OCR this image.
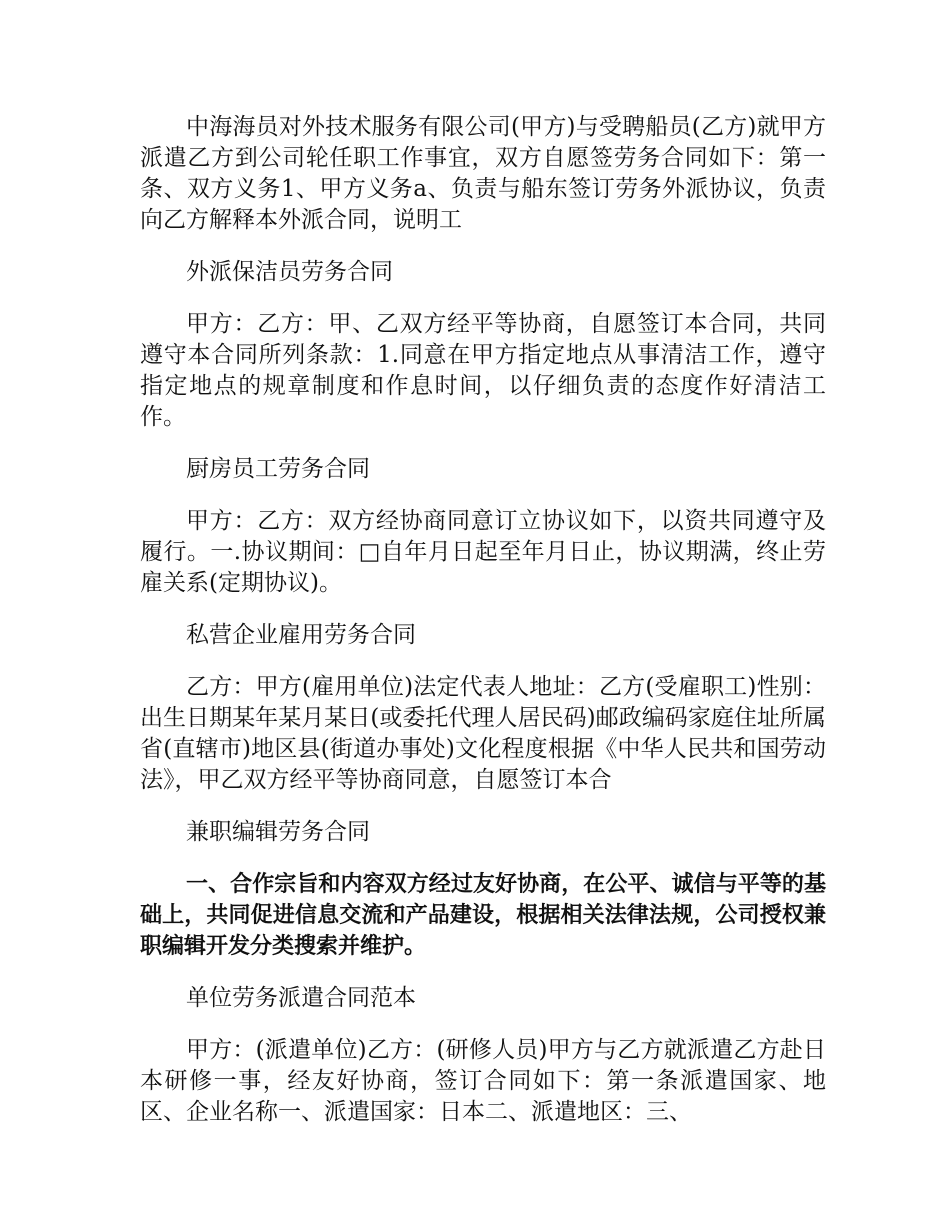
中海海员对外技术服务有限公司(甲方)与受聘船员(乙方)就甲方派遣乙方到公司轮任职工作事宜，双方自愿签劳务合同如下：第一条、双方义务1、甲方义务a、负责与船东签订劳务外派协议，负责向乙方解释本外派合同，说明工

外派保洁员劳务合同

甲方：乙方：甲、乙双方经平等协商，自愿签订本合同，共同遵守本合同所列条款：1.同意在甲方指定地点从事清洁工作，遵守指定地点的规章制度和作息时间，以仔细负责的态度作好清洁工作。

厨房员工劳务合同

甲方：乙方：双方经协商同意订立协议如下，以资共同遵守及履行。一.协议期间：□自年月日起至年月日止，协议期满，终止劳雇关系(定期协议)。

私营企业雇用劳务合同

乙方：甲方(雇用单位)法定代表人地址：乙方(受雇职工)性别：出生日期某年某月某日(或委托代理人居民码)邮政编码家庭住址所属省(直辖市)地区县(街道办事处)文化程度根据《中华人民共和国劳动法》，甲乙双方经平等协商同意，自愿签订本合

兼职编辑劳务合同

一、合作宗旨和内容双方经过友好协商，在公平、诚信与平等的基础上，共同促进信息交流和产品建设，根据相关法律法规，公司授权兼职编辑开发分类搜索并维护。

单位劳务派遣合同范本

甲方：(派遣单位)乙方：(研修人员)甲方与乙方就派遣乙方赴日本研修一事，经友好协商，签订合同如下：第一条派遣国家、地区、企业名称一、派遣国家：日本二、派遣地区：三、
